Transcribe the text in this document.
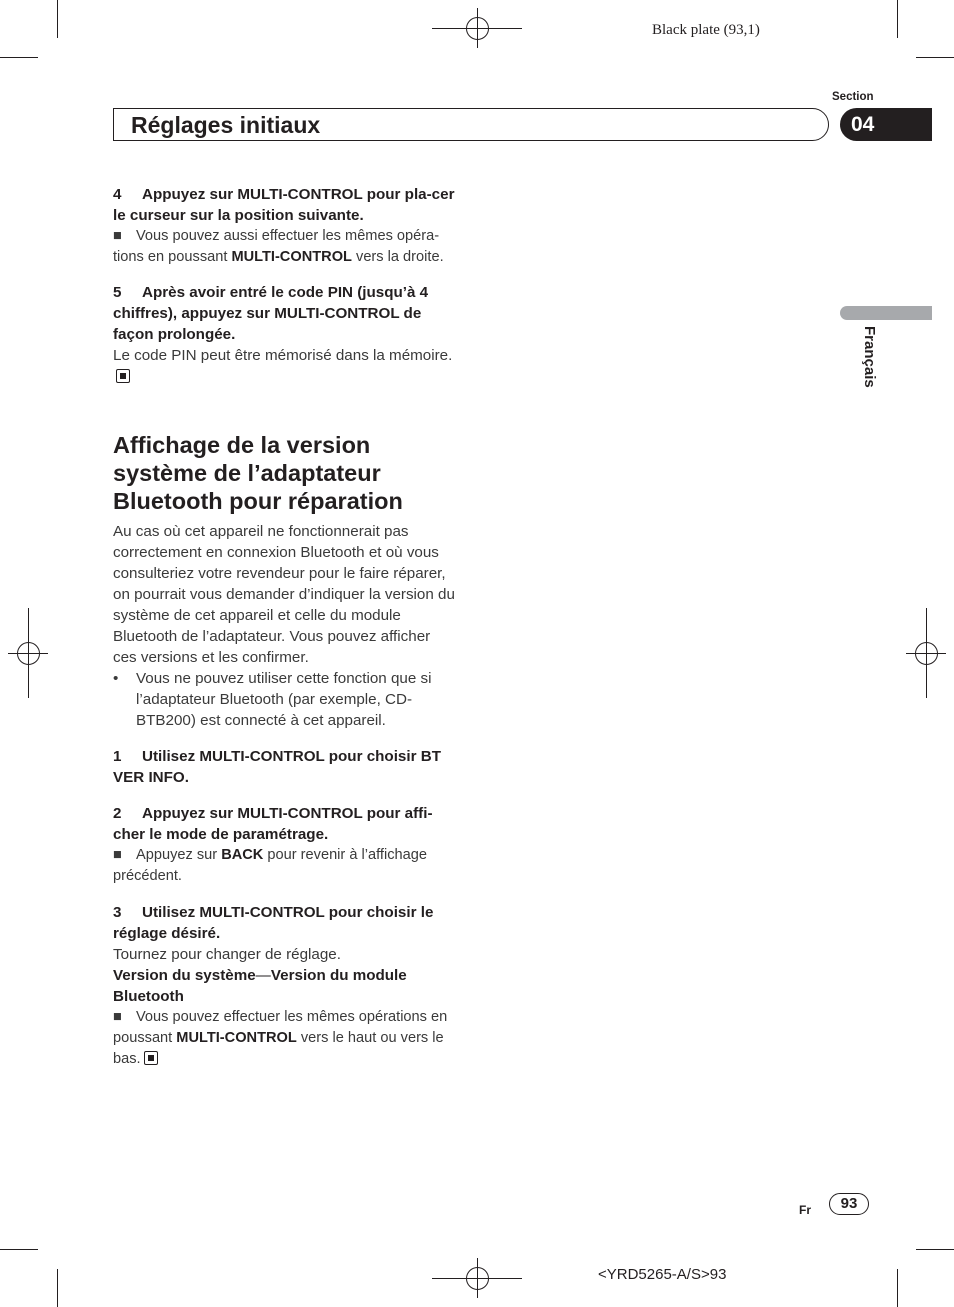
Black plate (93,1)
Section
Réglages initiaux	04
Français

4 Appuyez sur MULTI-CONTROL pour pla-cer le curseur sur la position suivante.

■ Vous pouvez aussi effectuer les mêmes opéra-tions en poussant MULTI-CONTROL vers la droite.

5 Après avoir entré le code PIN (jusqu’à 4 chiffres), appuyez sur MULTI-CONTROL de façon prolongée.

Le code PIN peut être mémorisé dans la mémoire.

Affichage de la version système de l’adaptateur Bluetooth pour réparation

Au cas où cet appareil ne fonctionnerait pas correctement en connexion Bluetooth et où vous consulteriez votre revendeur pour le faire réparer, on pourrait vous demander d’indiquer la version du système de cet appareil et celle du module Bluetooth de l’adaptateur. Vous pouvez afficher ces versions et les confirmer.

•	Vous ne pouvez utiliser cette fonction que si l’adaptateur Bluetooth (par exemple, CD-BTB200) est connecté à cet appareil.

1 Utilisez MULTI-CONTROL pour choisir BT VER INFO.

2 Appuyez sur MULTI-CONTROL pour affi-cher le mode de paramétrage.

■ Appuyez sur BACK pour revenir à l’affichage précédent.

3 Utilisez MULTI-CONTROL pour choisir le réglage désiré.

Tournez pour changer de réglage.

Version du système—Version du module Bluetooth

■ Vous pouvez effectuer les mêmes opérations en poussant MULTI-CONTROL vers le haut ou vers le bas.

Fr	93
<YRD5265-A/S>93
